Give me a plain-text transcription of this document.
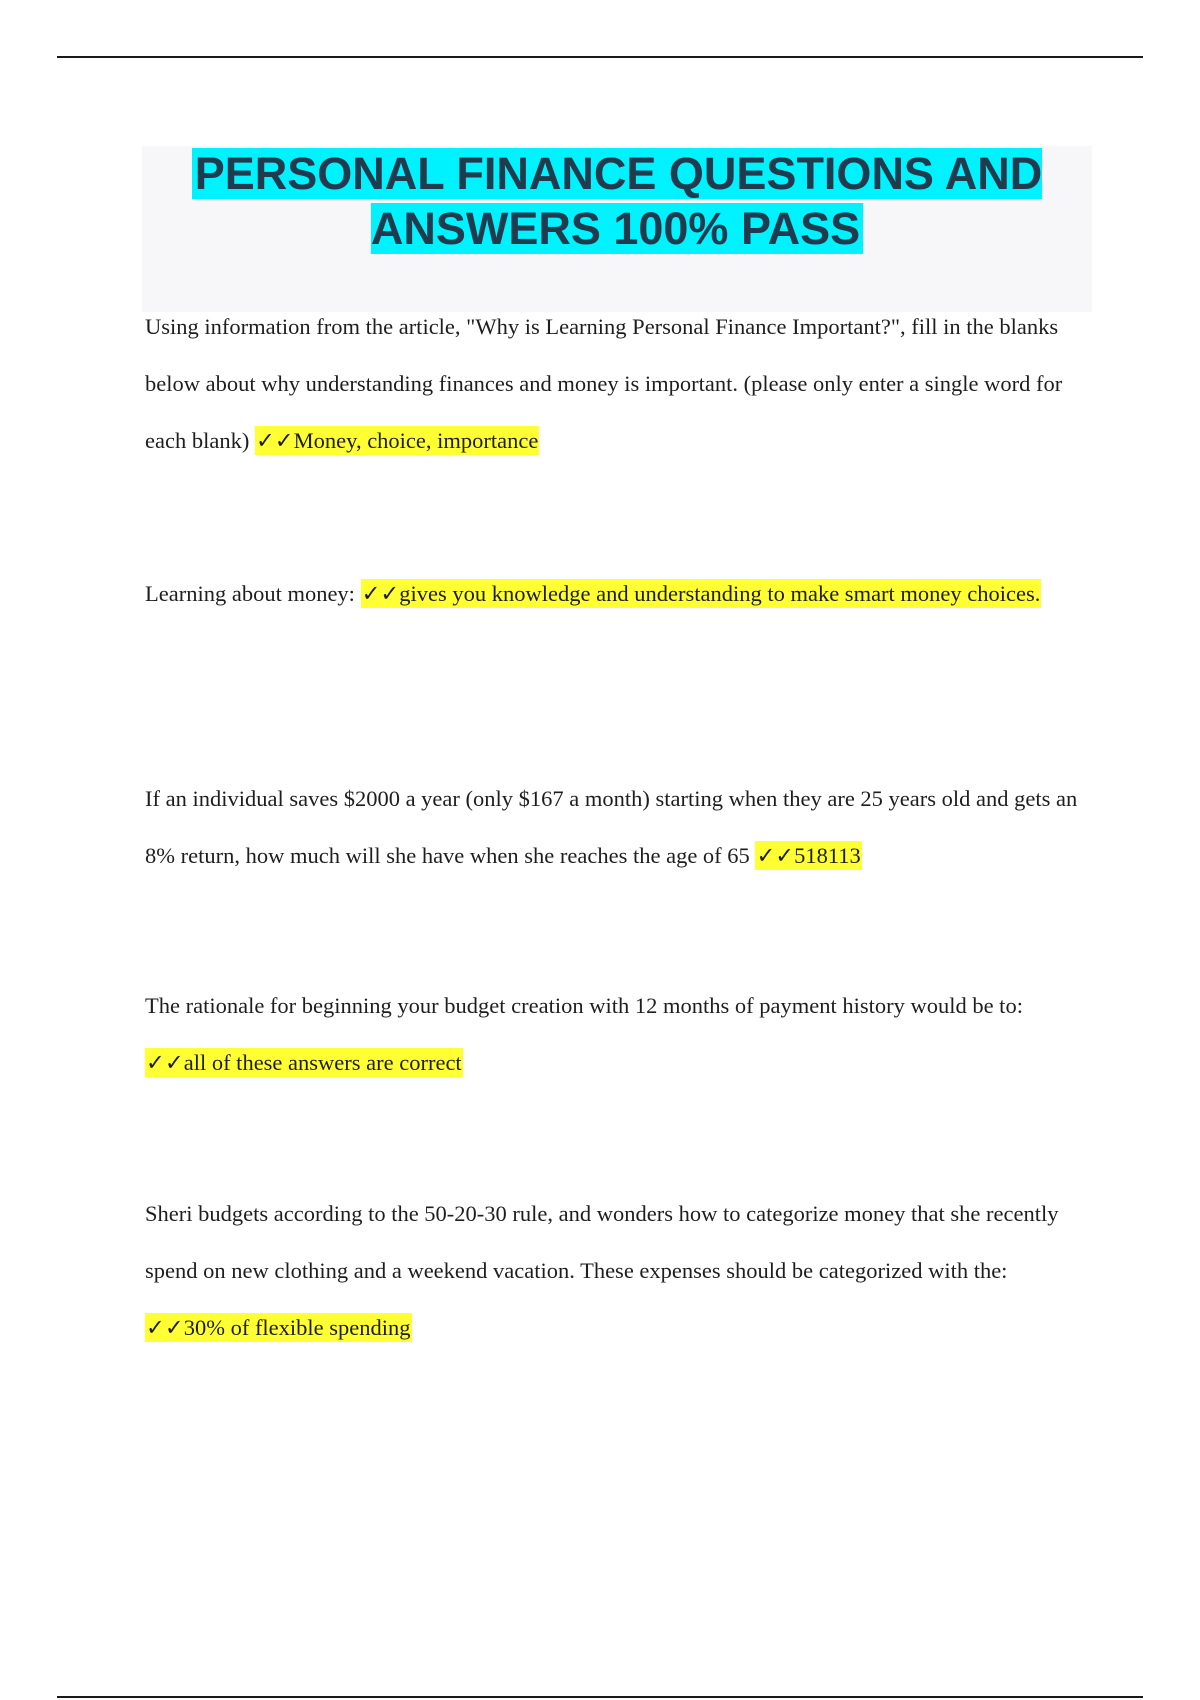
PERSONAL FINANCE QUESTIONS AND ANSWERS 100% PASS

Using information from the article, "Why is Learning Personal Finance Important?", fill in the blanks below about why understanding finances and money is important. (please only enter a single word for each blank) ✓✓Money, choice, importance

Learning about money: ✓✓gives you knowledge and understanding to make smart money choices.

If an individual saves $2000 a year (only $167 a month) starting when they are 25 years old and gets an 8% return, how much will she have when she reaches the age of 65 ✓✓518113

The rationale for beginning your budget creation with 12 months of payment history would be to: ✓✓all of these answers are correct

Sheri budgets according to the 50-20-30 rule, and wonders how to categorize money that she recently spend on new clothing and a weekend vacation. These expenses should be categorized with the: ✓✓30% of flexible spending
